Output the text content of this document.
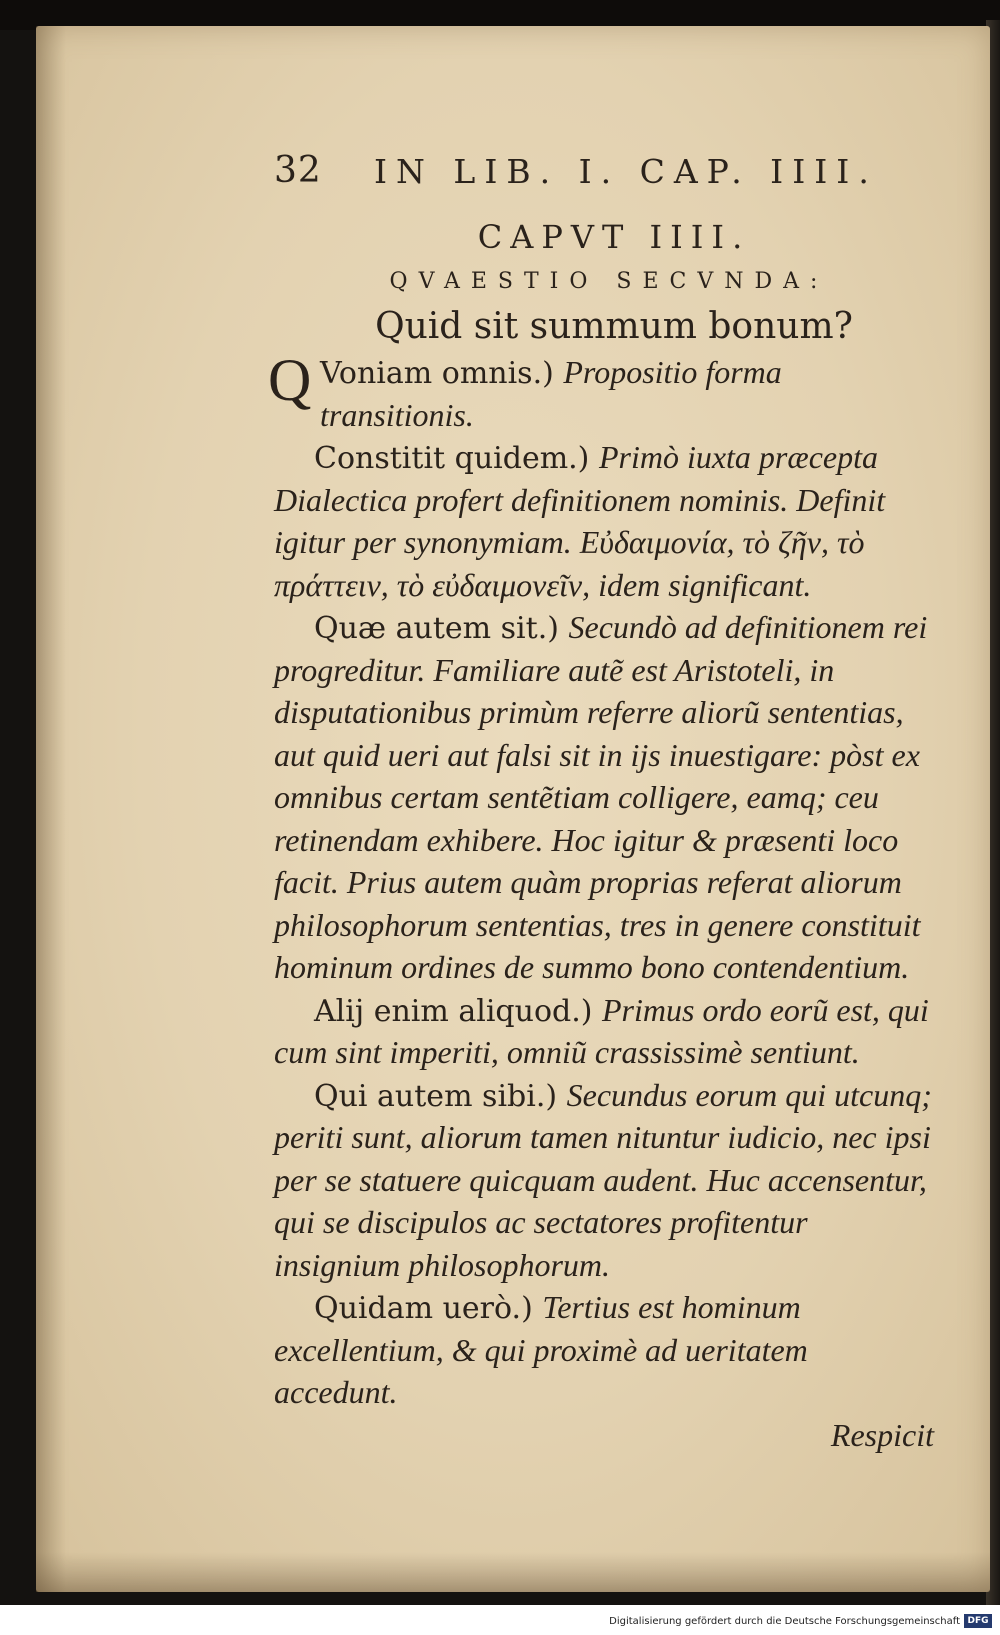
32 IN LIB. I. CAP. IIII.
CAPVT IIII.
QVAESTIO SECVNDA:
Quid sit summum bonum?

Q Voniam omnis.) Propositio forma transitionis.

Constitit quidem.) Primò iuxta præcepta Dialectica profert definitionem nominis. Definit igitur per synonymiam. Εὐδαιμονία, τὸ ζῆν, τὸ πράττειν, τὸ εὐδαιμονεῖν, idem significant.

Quæ autem sit.) Secundò ad definitionem rei progreditur. Familiare autẽ est Aristoteli, in disputationibus primùm referre aliorũ sententias, aut quid ueri aut falsi sit in ijs inuestigare: pòst ex omnibus certam sentẽtiam colligere, eamq; ceu retinendam exhibere. Hoc igitur & præsenti loco facit. Prius autem quàm proprias referat aliorum philosophorum sententias, tres in genere constituit hominum ordines de summo bono contendentium.

Alij enim aliquod.) Primus ordo eorũ est, qui cum sint imperiti, omniũ crassissimè sentiunt.

Qui autem sibi.) Secundus eorum qui utcunq; periti sunt, aliorum tamen nituntur iudicio, nec ipsi per se statuere quicquam audent. Huc accensentur, qui se discipulos ac sectatores profitentur insignium philosophorum.

Quidam uerò.) Tertius est hominum excellentium, & qui proximè ad ueritatem accedunt.

Respicit
Digitalisierung gefördert durch die Deutsche Forschungsgemeinschaft DFG
